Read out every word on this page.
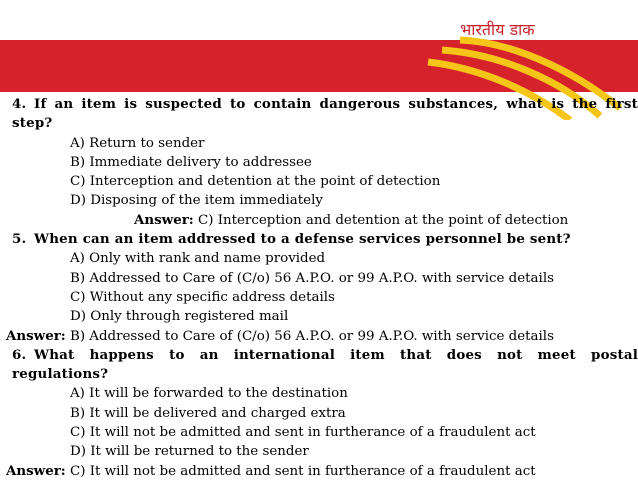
भारतीय डाक
4. If an item is suspected to contain dangerous substances, what is the first
step?
A) Return to sender
B) Immediate delivery to addressee
C) Interception and detention at the point of detection
D) Disposing of the item immediately
Answer: C) Interception and detention at the point of detection
5. When can an item addressed to a defense services personnel be sent?
A) Only with rank and name provided
B) Addressed to Care of (C/o) 56 A.P.O. or 99 A.P.O. with service details
C) Without any specific address details
D) Only through registered mail
Answer: B) Addressed to Care of (C/o) 56 A.P.O. or 99 A.P.O. with service details
6. What happens to an international item that does not meet postal
regulations?
A) It will be forwarded to the destination
B) It will be delivered and charged extra
C) It will not be admitted and sent in furtherance of a fraudulent act
D) It will be returned to the sender
Answer: C) It will not be admitted and sent in furtherance of a fraudulent act
